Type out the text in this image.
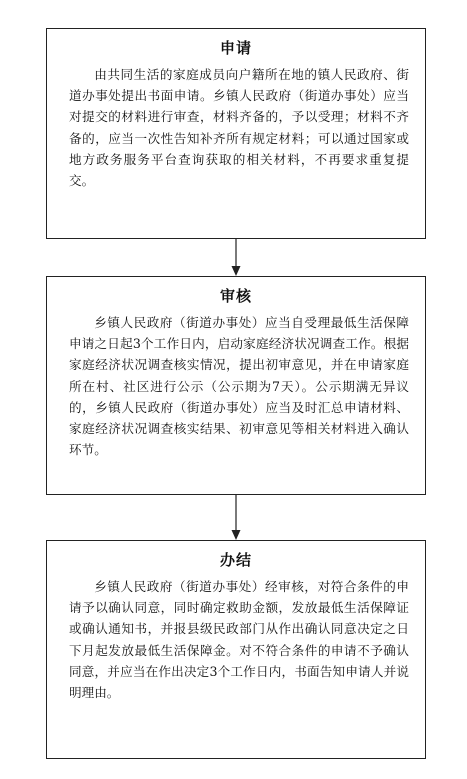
申请
由共同生活的家庭成员向户籍所在地的镇人民政府、街道办事处提出书面申请。乡镇人民政府（街道办事处）应当对提交的材料进行审查，材料齐备的，予以受理；材料不齐备的，应当一次性告知补齐所有规定材料；可以通过国家或地方政务服务平台查询获取的相关材料，不再要求重复提交。
审核
乡镇人民政府（街道办事处）应当自受理最低生活保障申请之日起3个工作日内，启动家庭经济状况调查工作。根据家庭经济状况调查核实情况，提出初审意见，并在申请家庭所在村、社区进行公示（公示期为7天）。公示期满无异议的，乡镇人民政府（街道办事处）应当及时汇总申请材料、家庭经济状况调查核实结果、初审意见等相关材料进入确认环节。
办结
乡镇人民政府（街道办事处）经审核，对符合条件的申请予以确认同意，同时确定救助金额，发放最低生活保障证或确认通知书，并报县级民政部门从作出确认同意决定之日下月起发放最低生活保障金。对不符合条件的申请不予确认同意，并应当在作出决定3个工作日内，书面告知申请人并说明理由。
